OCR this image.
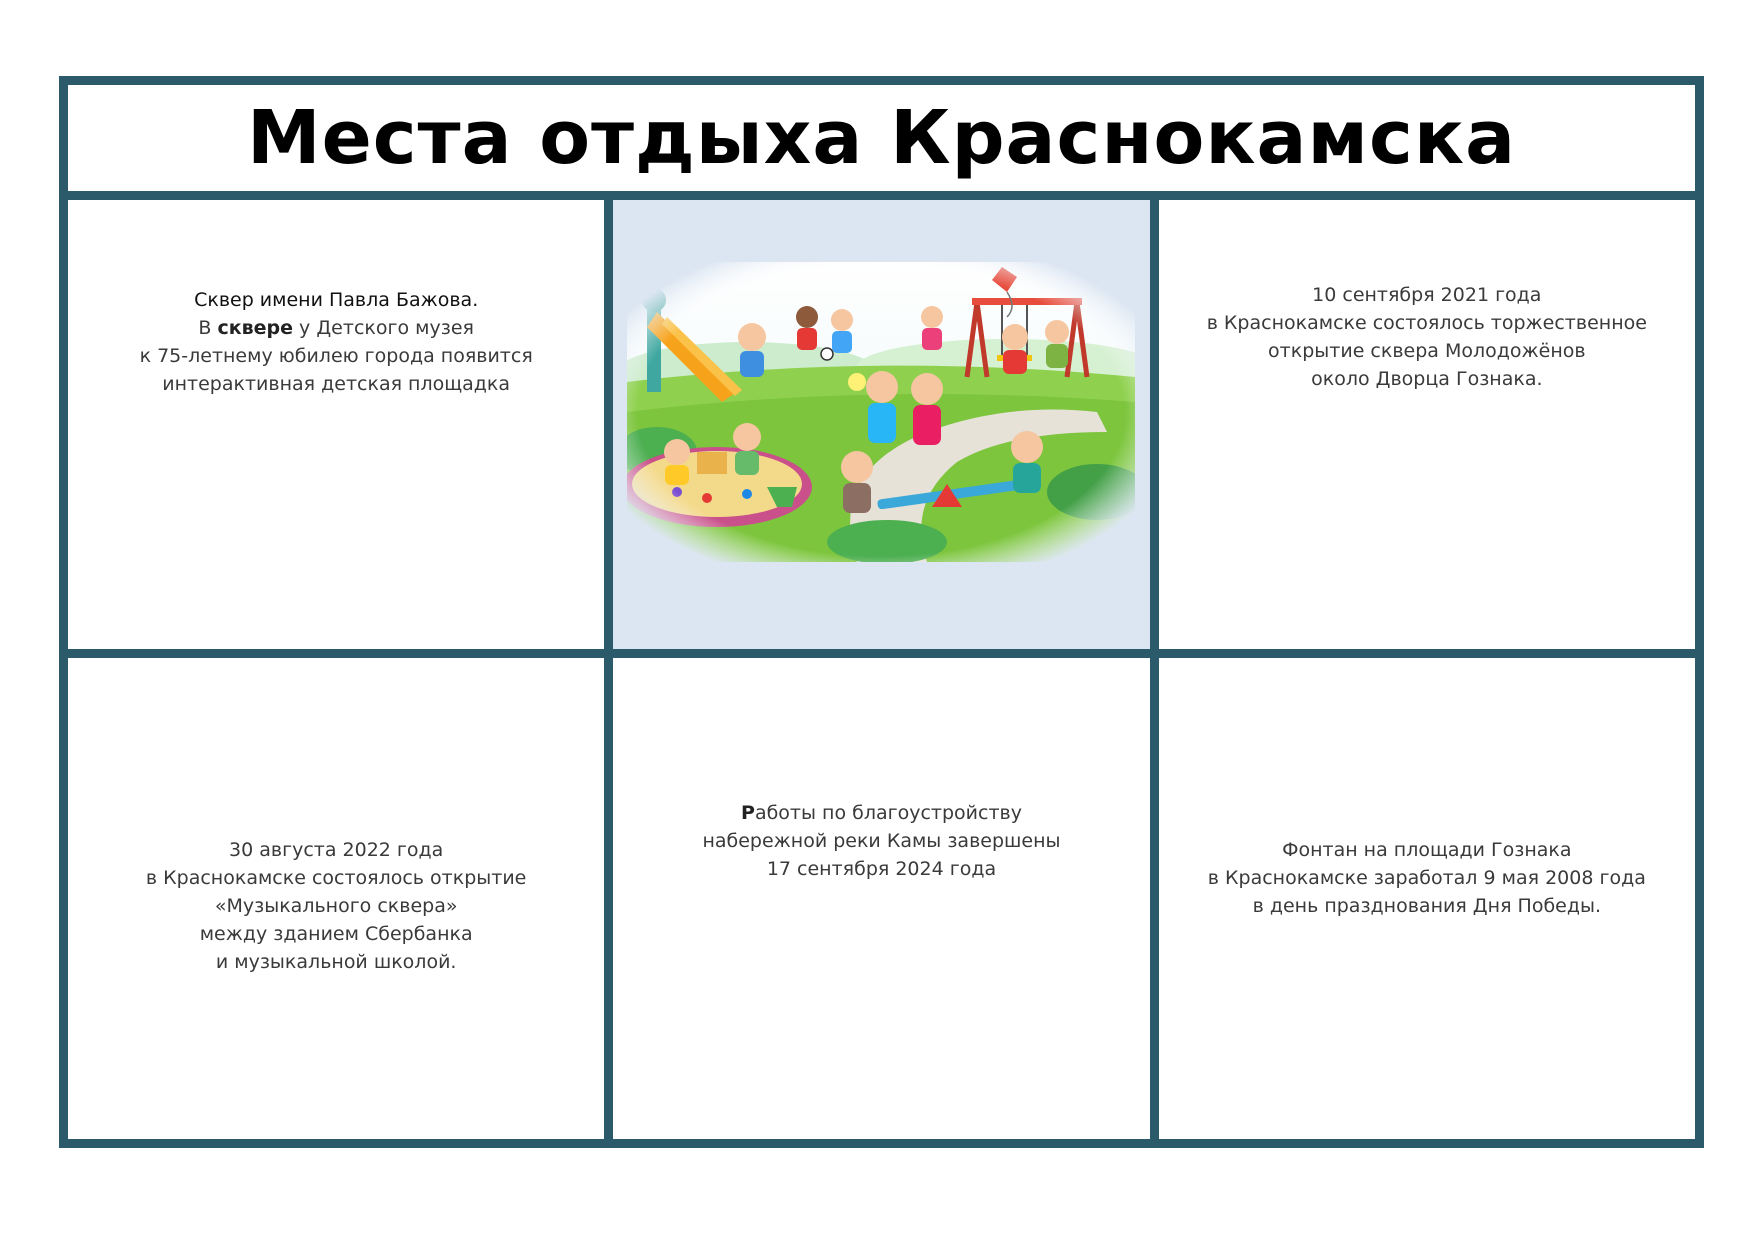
Места отдыха Краснокамска

Сквер имени Павла Бажова.
В сквере у Детского музея
к 75-летнему юбилею города появится
интерактивная детская площадка

10 сентября 2021 года
в Краснокамске состоялось торжественное
открытие сквера Молодожёнов
около Дворца Гознака.

30 августа 2022 года
в Краснокамске состоялось открытие
«Музыкального сквера»
между зданием Сбербанка
и музыкальной школой.

Работы по благоустройству
набережной реки Камы завершены
17 сентября 2024 года

Фонтан на площади Гознака
в Краснокамске заработал 9 мая 2008 года
в день празднования Дня Победы.
